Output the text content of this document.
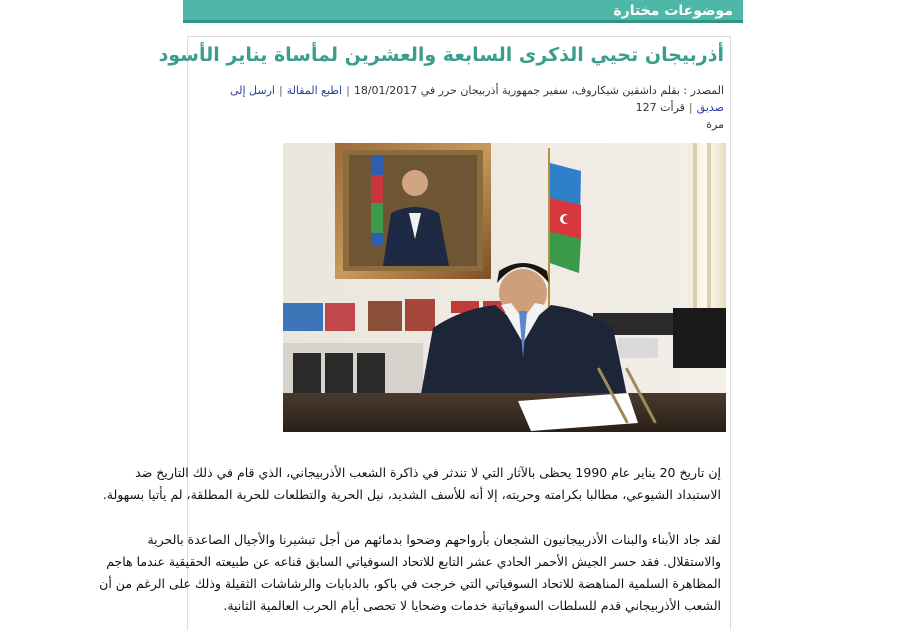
موضوعات مختارة
أذربيجان تحيي الذكرى السابعة والعشرين لمأساة يناير الأسود
المصدر : بقلم داشقين شيكاروف، سفير جمهورية أذربيجان حرر في 18/01/2017|اطبع المقالة|ارسل إلى صديق|قرأت 127
مرة
إن تاريخ 20 يناير عام 1990 يحظى بالآثار التي لا تندثر في ذاكرة الشعب الأذربيجاني، الذي قام في ذلك التاريخ ضد
الاستبداد الشيوعي، مطالبا بكرامته وحريته، إلا أنه للأسف الشديد، نيل الحرية والتطلعات للحرية المطلقة، لم يأتيا بسهولة.
لقد جاد الأبناء والبنات الأذربيجانيون الشجعان بأرواحهم وضحوا بدمائهم من أجل تبشيرنا والأجيال الصاعدة بالحرية
والاستقلال. فقد حسر الجيش الأحمر الحادي عشر التابع للاتحاد السوفياتي السابق قناعه عن طبيعته الحقيقية عندما هاجم
المظاهرة السلمية المناهضة للاتحاد السوفياتي التي خرجت في باكو، بالدبابات والرشاشات الثقيلة وذلك على الرغم من أن
الشعب الأذربيجاني قدم للسلطات السوفياتية خدمات وضحايا لا تحصى أيام الحرب العالمية الثانية.
